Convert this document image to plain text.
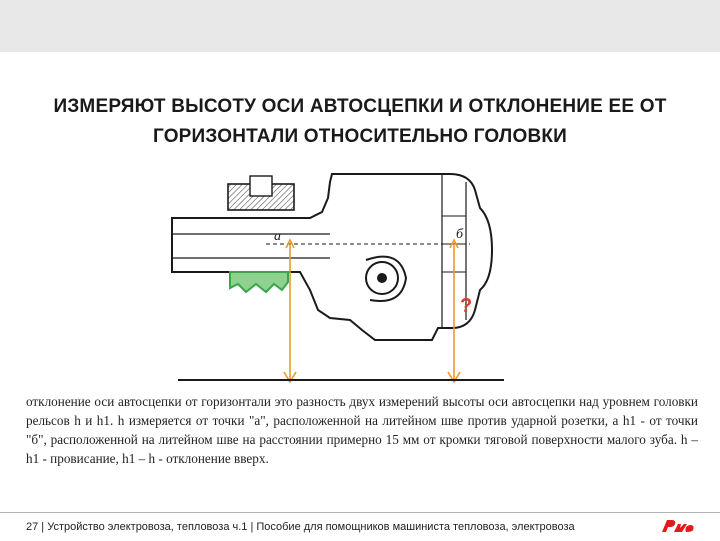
ИЗМЕРЯЮТ ВЫСОТУ ОСИ АВТОСЦЕПКИ И ОТКЛОНЕНИЕ ЕЕ ОТ ГОРИЗОНТАЛИ ОТНОСИТЕЛЬНО ГОЛОВКИ
а	б
?
отклонение оси автосцепки от горизонтали это разность двух измерений высоты оси автосцепки над уровнем головки рельсов h и h1. h измеряется от точки "а", расположенной на литейном шве против ударной розетки, а h1 - от точки "б", расположенной на литейном шве на расстоянии примерно 15 мм от кромки тяговой поверхности малого зуба. h – h1 - провисание, h1 – h - отклонение вверх.
27 | Устройство электровоза, тепловоза ч.1 | Пособие для помощников машиниста тепловоза, электровоза
